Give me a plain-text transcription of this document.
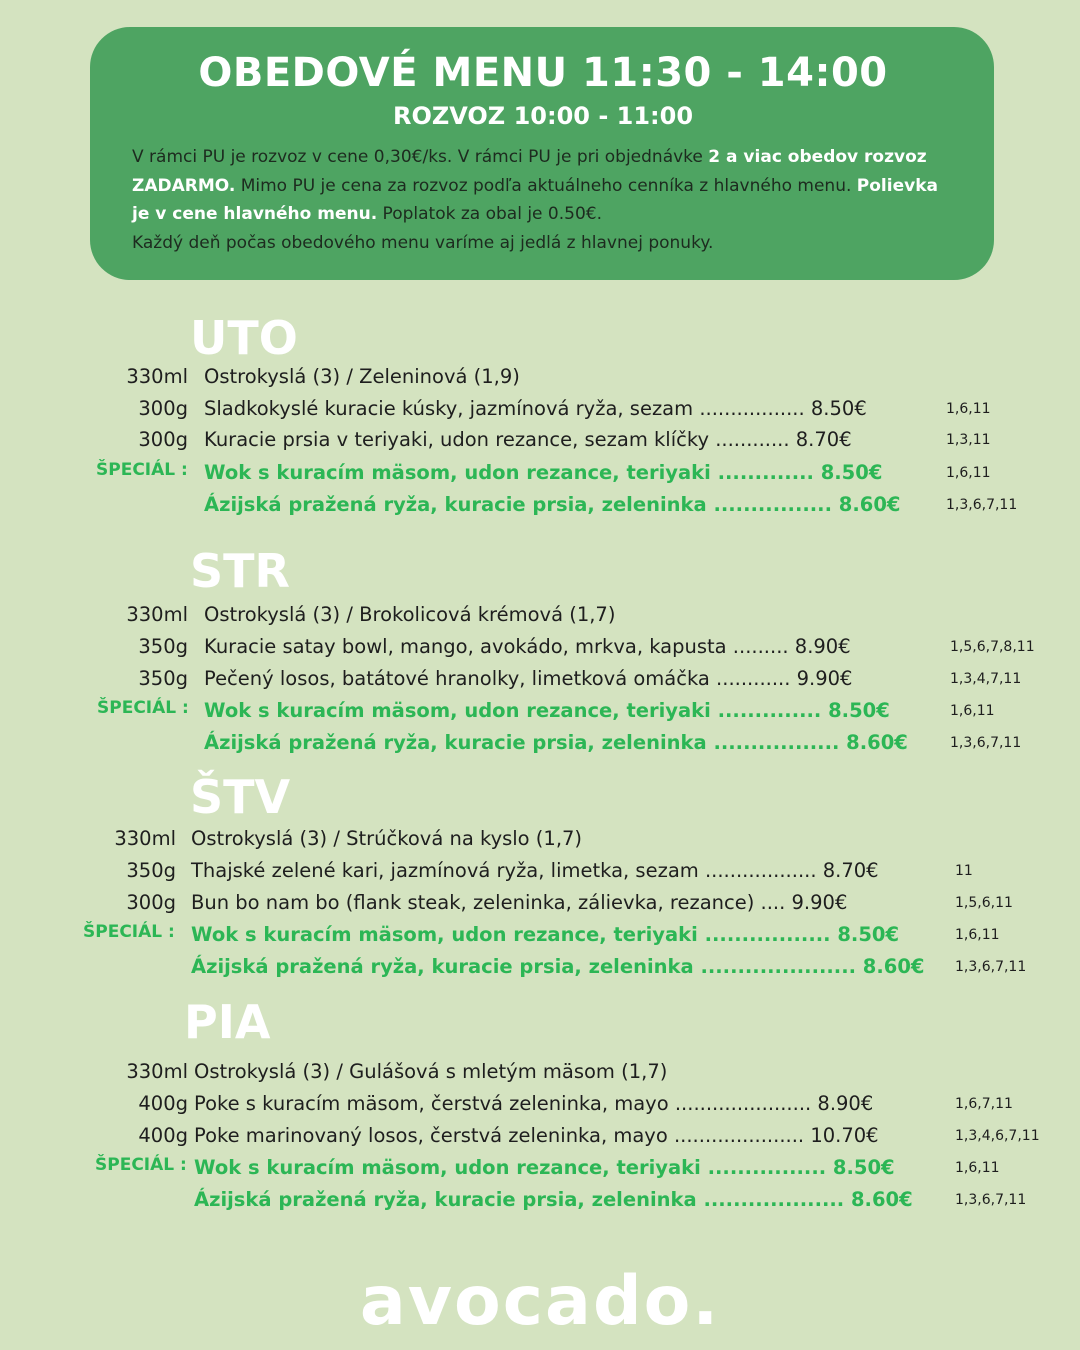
OBEDOVÉ MENU 11:30 - 14:00
ROZVOZ 10:00 - 11:00
V rámci PU je rozvoz v cene 0,30€/ks. V rámci PU je pri objednávke 2 a viac obedov rozvoz ZADARMO. Mimo PU je cena za rozvoz podľa aktuálneho cenníka z hlavného menu. Polievka je v cene hlavného menu. Poplatok za obal je 0.50€.
Každý deň počas obedového menu varíme aj jedlá z hlavnej ponuky.
UTO
330ml Ostrokyslá (3) / Zeleninová (1,9)
300g Sladkokyslé kuracie kúsky, jazmínová ryža, sezam ................. 8.50€	1,6,11
300g Kuracie prsia v teriyaki, udon rezance, sezam klíčky ............ 8.70€	1,3,11
ŠPECIÁL : Wok s kuracím mäsom, udon rezance, teriyaki ............. 8.50€	1,6,11
Ázijská pražená ryža, kuracie prsia, zeleninka ................ 8.60€	1,3,6,7,11
STR
330ml Ostrokyslá (3) / Brokolicová krémová (1,7)
350g Kuracie satay bowl, mango, avokádo, mrkva, kapusta ......... 8.90€	1,5,6,7,8,11
350g Pečený losos, batátové hranolky, limetková omáčka ............ 9.90€	1,3,4,7,11
ŠPECIÁL : Wok s kuracím mäsom, udon rezance, teriyaki .............. 8.50€	1,6,11
Ázijská pražená ryža, kuracie prsia, zeleninka ................. 8.60€	1,3,6,7,11
ŠTV
330ml Ostrokyslá (3) / Strúčková na kyslo (1,7)
350g Thajské zelené kari, jazmínová ryža, limetka, sezam .................. 8.70€	11
300g Bun bo nam bo (flank steak, zeleninka, zálievka, rezance) .... 9.90€	1,5,6,11
ŠPECIÁL : Wok s kuracím mäsom, udon rezance, teriyaki ................. 8.50€	1,6,11
Ázijská pražená ryža, kuracie prsia, zeleninka ..................... 8.60€ 1,3,6,7,11
PIA
330ml Ostrokyslá (3) / Gulášová s mletým mäsom (1,7)
400g Poke s kuracím mäsom, čerstvá zeleninka, mayo ...................... 8.90€	1,6,7,11
400g Poke marinovaný losos, čerstvá zeleninka, mayo ..................... 10.70€	1,3,4,6,7,11
ŠPECIÁL : Wok s kuracím mäsom, udon rezance, teriyaki ................ 8.50€	1,6,11
Ázijská pražená ryža, kuracie prsia, zeleninka ................... 8.60€	1,3,6,7,11
avocado.
